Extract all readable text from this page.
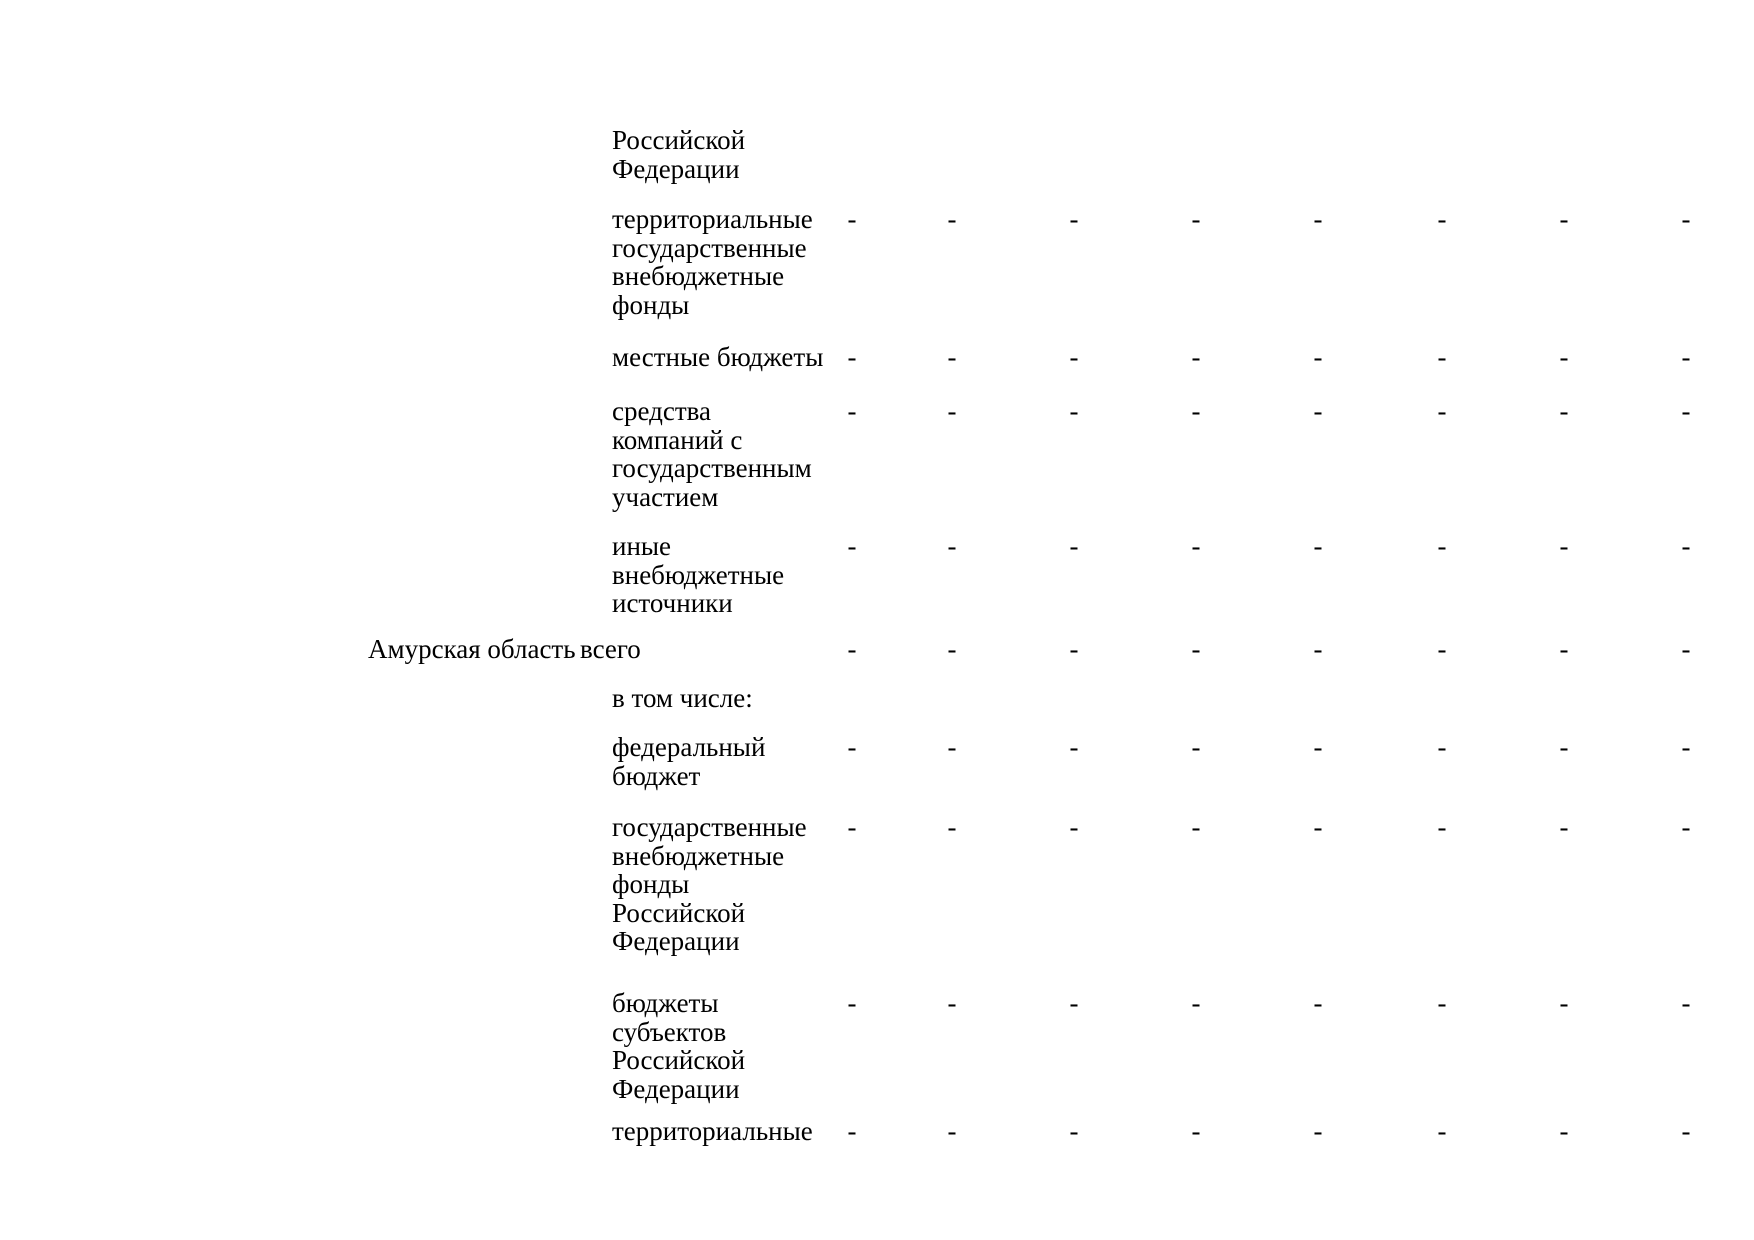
Российской
Федерации
территориальные
государственные
внебюджетные
фонды
-	-	-	-	-	-	-	-
местные бюджеты -	-	-	-	-	-	-	-
средства
компаний с
государственным
участием
-	-	-	-	-	-	-	-
иные
внебюджетные
источники
-	-	-	-	-	-	-	-
Амурская область всего	-	-	-	-	-	-	-	-
в том числе:
федеральный
бюджет
-	-	-	-	-	-	-	-
государственные
внебюджетные
фонды
Российской
Федерации
-	-	-	-	-	-	-	-
бюджеты
субъектов
Российской
Федерации
-	-	-	-	-	-	-	-
территориальные	-	-	-	-	-	-	-	-
